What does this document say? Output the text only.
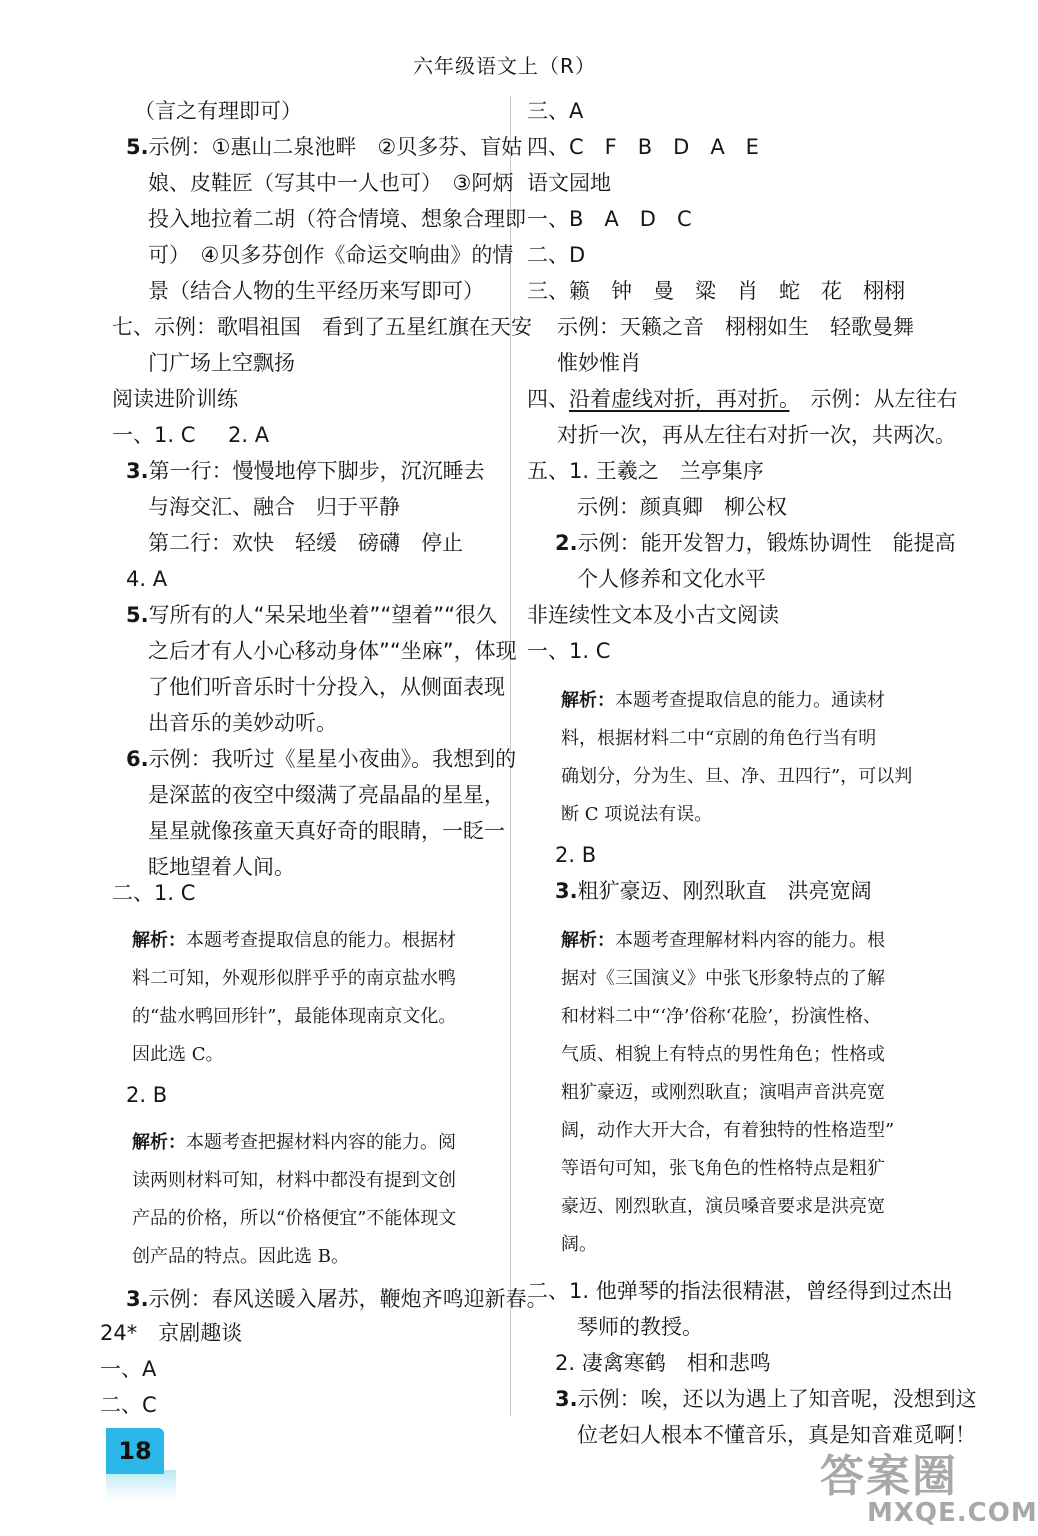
六年级语文上（R）
（言之有理即可）
5.示例：①惠山二泉池畔　②贝多芬、盲姑
娘、皮鞋匠（写其中一人也可）　③阿炳
投入地拉着二胡（符合情境、想象合理即
可）　④贝多芬创作《命运交响曲》的情
景（结合人物的生平经历来写即可）
七、示例：歌唱祖国　看到了五星红旗在天安
门广场上空飘扬
阅读进阶训练
一、1. C 2. A
3.第一行：慢慢地停下脚步，沉沉睡去
与海交汇、融合　归于平静
第二行：欢快　轻缓　磅礴　停止
4. A
5.写所有的人“呆呆地坐着”“望着”“很久
之后才有人小心移动身体”“坐麻”，体现
了他们听音乐时十分投入，从侧面表现
出音乐的美妙动听。
6.示例：我听过《星星小夜曲》。我想到的
是深蓝的夜空中缀满了亮晶晶的星星，
星星就像孩童天真好奇的眼睛，一眨一
眨地望着人间。
二、1. C
解析：本题考查提取信息的能力。根据材
料二可知，外观形似胖乎乎的南京盐水鸭
的“盐水鸭回形针”，最能体现南京文化。
因此选 C。
2. B
解析：本题考查把握材料内容的能力。阅
读两则材料可知，材料中都没有提到文创
产品的价格，所以“价格便宜”不能体现文
创产品的特点。因此选 B。
3.示例：春风送暖入屠苏，鞭炮齐鸣迎新春。
24*　京剧趣谈
一、A
二、C
三、A
四、C　F　B　D　A　E
语文园地
一、B　A　D　C
二、D
三、籁　钟　曼　粱　肖　蛇　花　栩栩
示例：天籁之音　栩栩如生　轻歌曼舞
惟妙惟肖
四、沿着虚线对折，再对折。　示例：从左往右
对折一次，再从左往右对折一次，共两次。
五、1. 王羲之　兰亭集序
示例：颜真卿　柳公权
2.示例：能开发智力，锻炼协调性　能提高
个人修养和文化水平
非连续性文本及小古文阅读
一、1. C
解析：本题考查提取信息的能力。通读材
料，根据材料二中“京剧的角色行当有明
确划分，分为生、旦、净、丑四行”，可以判
断 C 项说法有误。
2. B
3.粗犷豪迈、刚烈耿直　洪亮宽阔
解析：本题考查理解材料内容的能力。根
据对《三国演义》中张飞形象特点的了解
和材料二中“‘净’俗称‘花脸’，扮演性格、
气质、相貌上有特点的男性角色；性格或
粗犷豪迈，或刚烈耿直；演唱声音洪亮宽
阔，动作大开大合，有着独特的性格造型”
等语句可知，张飞角色的性格特点是粗犷
豪迈、刚烈耿直，演员嗓音要求是洪亮宽
阔。
二、1. 他弹琴的指法很精湛，曾经得到过杰出
琴师的教授。
2. 凄禽寒鹤　相和悲鸣
3.示例：唉，还以为遇上了知音呢，没想到这
位老妇人根本不懂音乐，真是知音难觅啊！
18	答案圈
MXQE.COM
